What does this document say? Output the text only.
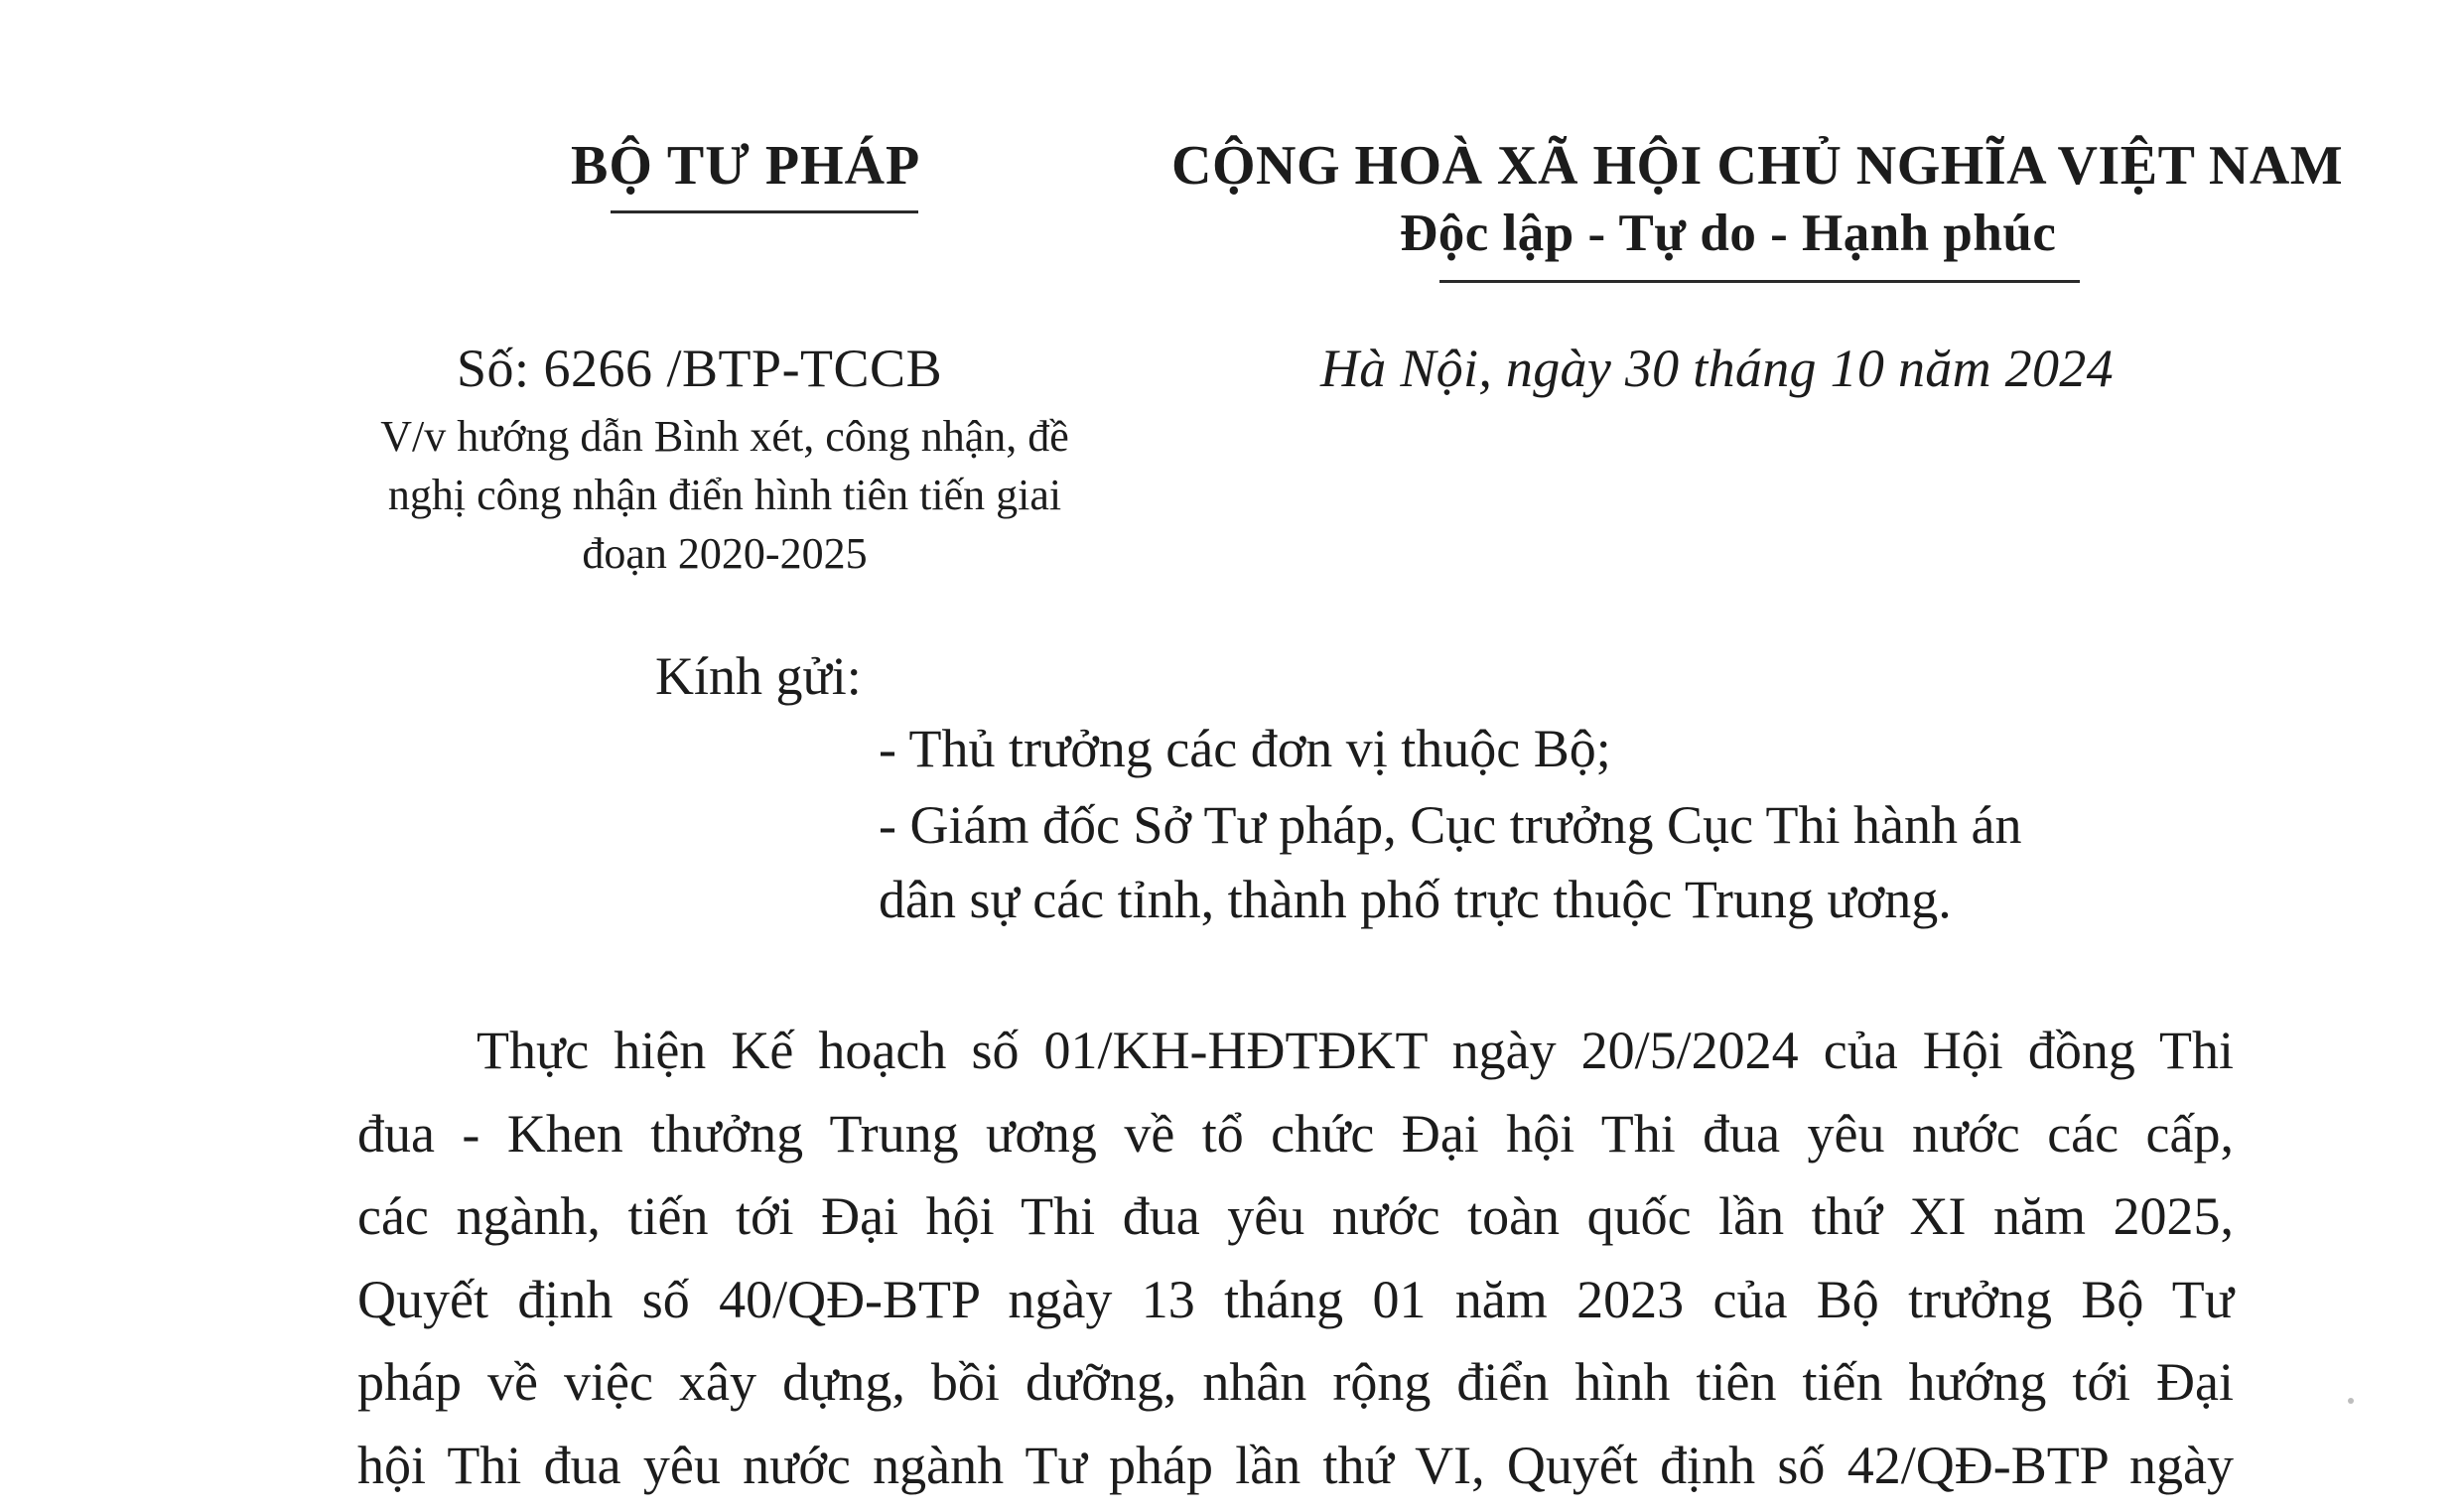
BỘ TƯ PHÁP	CỘNG HOÀ XÃ HỘI CHỦ NGHĨA VIỆT NAM
Độc lập - Tự do - Hạnh phúc
Số: 6266 /BTP-TCCB
V/v hướng dẫn Bình xét, công nhận, đề
nghị công nhận điển hình tiên tiến giai
đoạn 2020-2025
Hà Nội, ngày 30 tháng 10 năm 2024
Kính gửi:
- Thủ trưởng các đơn vị thuộc Bộ;
- Giám đốc Sở Tư pháp, Cục trưởng Cục Thi hành án
dân sự các tỉnh, thành phố trực thuộc Trung ương.
Thực hiện Kế hoạch số 01/KH-HĐTĐKT ngày 20/5/2024 của Hội đồng Thi
đua - Khen thưởng Trung ương về tổ chức Đại hội Thi đua yêu nước các cấp,
các ngành, tiến tới Đại hội Thi đua yêu nước toàn quốc lần thứ XI năm 2025,
Quyết định số 40/QĐ-BTP ngày 13 tháng 01 năm 2023 của Bộ trưởng Bộ Tư
pháp về việc xây dựng, bồi dưỡng, nhân rộng điển hình tiên tiến hướng tới Đại
hội Thi đua yêu nước ngành Tư pháp lần thứ VI, Quyết định số 42/QĐ-BTP ngày
